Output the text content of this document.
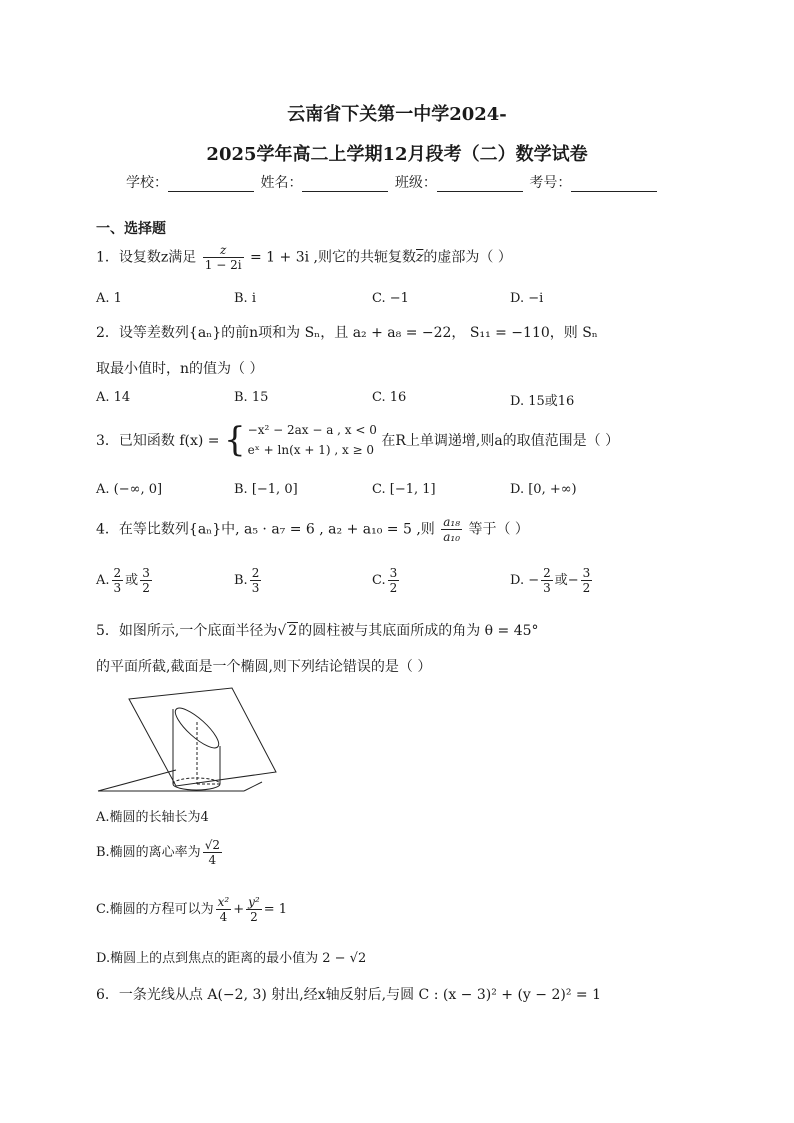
云南省下关第一中学2024-
2025学年高二上学期12月段考（二）数学试卷
学校：	姓名：	班级：	考号：
一、选择题
1．设复数z满足 $\frac{z}{1 - 2i} = 1 + 3i$ ,则它的共轭复数$\overline{z}$的虚部为（ ）
A. 1	B. i	C. −1	D. −i
2．设等差数列{aₙ}的前n项和为 Sₙ，且 a₂ + a₈ = −22， S₁₁ = −110，则 Sₙ
取最小值时，n的值为（ ）
A. 14	B. 15	C. 16	D. 15或16
3．已知函数 f(x) = { −x² − 2ax − a , x < 0
eˣ + ln(x + 1) , x ≥ 0
在R上单调递增,则a的取值范围是（ ）
A. (−∞, 0]	B. [−1, 0]	C. [−1, 1]	D. [0, +∞)
4．在等比数列{aₙ}中, a₅ · a₇ = 6 , a₂ + a₁₀ = 5 ,则 $\frac{\text{a₁₈}}{\text{a₁₀}}$ 等于（ ）
A. $\frac{2}{3}$ 或 $\frac{3}{2}$	B. $\frac{2}{3}$	C. $\frac{3}{2}$	D. − $\frac{2}{3}$ 或− $\frac{3}{2}$
5．如图所示,一个底面半径为√ 2的圆柱被与其底面所成的角为 θ = 45°
的平面所截,截面是一个椭圆,则下列结论错误的是（ ）
A.椭圆的长轴长为4
B.椭圆的离心率为 $\frac{√2}{4}$
C.椭圆的方程可以为 $\frac{\text{x²}}{4} + \frac{\text{y²}}{2} = 1$
D.椭圆上的点到焦点的距离的最小值为 2 − √2
6．一条光线从点 A(−2, 3) 射出,经x轴反射后,与圆 C : (x − 3)² + (y − 2)² = 1
